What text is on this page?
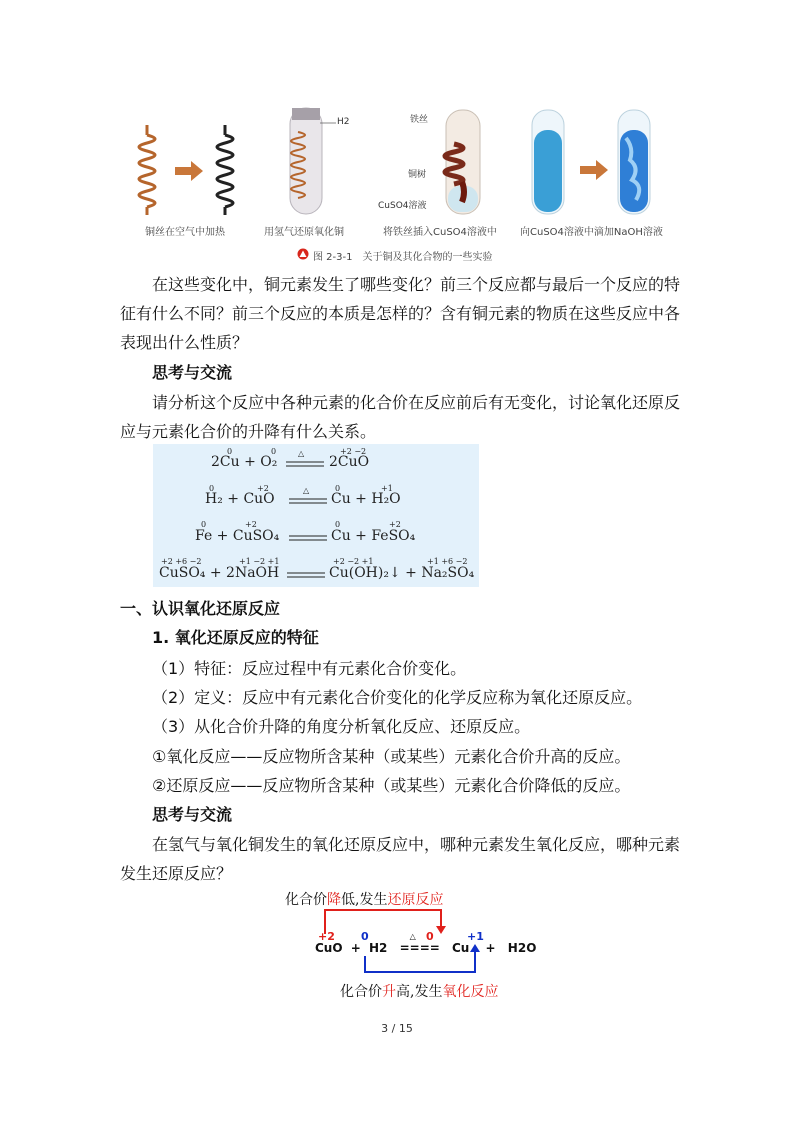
H2	铁丝
铜树
CuSO4溶液
铜丝在空气中加热	用氢气还原氧化铜	将铁丝插入CuSO4溶液中 向CuSO4溶液中滴加NaOH溶液
图 2-3-1　关于铜及其化合物的一些实验
在这些变化中，铜元素发生了哪些变化？前三个反应都与最后一个反应的特征有什么不同？前三个反应的本质是怎样的？含有铜元素的物质在这些反应中各表现出什么性质？
思考与交流
请分析这个反应中各种元素的化合价在反应前后有无变化，讨论氧化还原反应与元素化合价的升降有什么关系。
0	0	+2 −2
2Cu + O₂
△
2CuO
0	+2	0	+1
H₂ + CuO
△
Cu + H₂O
0	+2	0	+2
Fe + CuSO₄	Cu + FeSO₄
+2 +6 −2	+1 −2 +1	+2 −2 +1	+1 +6 −2
CuSO₄ + 2NaOH	Cu(OH)₂↓ + Na₂SO₄
一、认识氧化还原反应
1. 氧化还原反应的特征
（1）特征：反应过程中有元素化合价变化。
（2）定义：反应中有元素化合价变化的化学反应称为氧化还原反应。
（3）从化合价升降的角度分析氧化反应、还原反应。
①氧化反应——反应物所含某种（或某些）元素化合价升高的反应。
②还原反应——反应物所含某种（或某些）元素化合价降低的反应。
思考与交流
在氢气与氧化铜发生的氧化还原反应中，哪种元素发生氧化反应，哪种元素发生还原反应？
化合价降低,发生还原反应
+2 0	0	+1
CuO + H2
△
==== Cu + H2O
化合价升高,发生氧化反应
3 / 15
